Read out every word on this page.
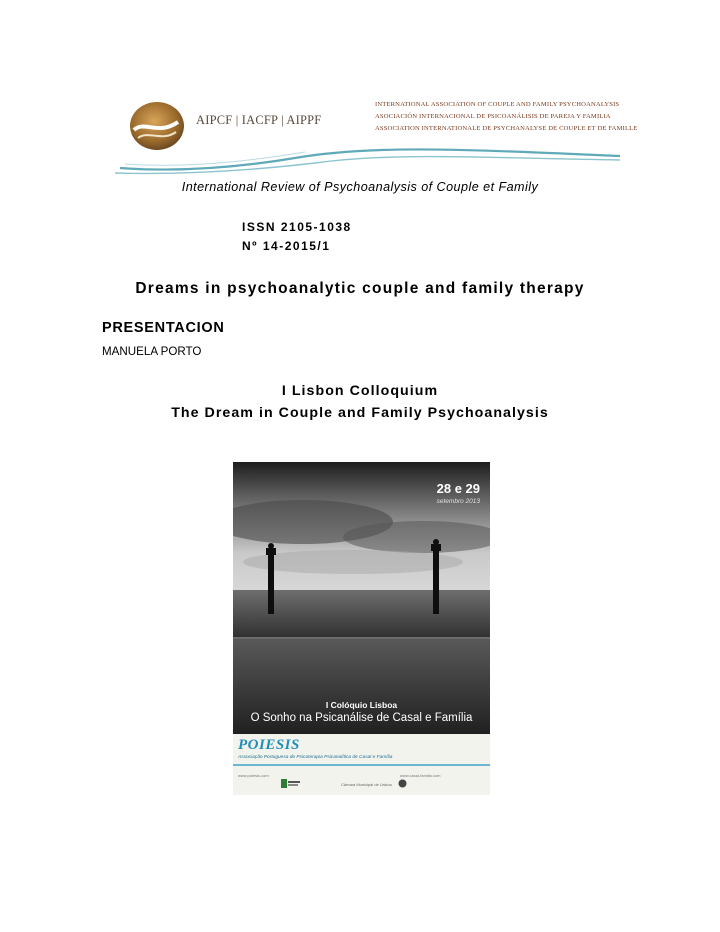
AIPCF | IACFP | AIPPF
INTERNATIONAL ASSOCIATION OF COUPLE AND FAMILY PSYCHOANALYSIS
ASOCIACIÓN INTERNACIONAL DE PSICOANÁLISIS DE PAREJA Y FAMILIA
ASSOCIATION INTERNATIONALE DE PSYCHANALYSE DE COUPLE ET DE FAMILLE
International Review of Psychoanalysis of Couple et Family
ISSN 2105-1038
Nº 14-2015/1
Dreams in psychoanalytic couple and family therapy
PRESENTACION
MANUELA PORTO
I Lisbon Colloquium
The Dream in Couple and Family Psychoanalysis
28 e 29
setembro 2013
I Colóquio Lisboa
O Sonho na Psicanálise de Casal e Família
POIESIS
Associação Portuguesa de Psicoterapia Psicanalítica de Casal e Família
www.poiesis.com	www.casal-familia.com
Câmara Municipal de Lisboa
